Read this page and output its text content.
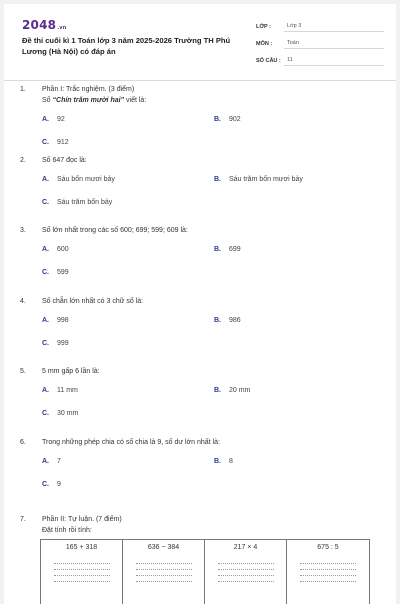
2048.vn
Đề thi cuối kì 1 Toán lớp 3 năm 2025-2026 Trường TH Phú Lương (Hà Nội) có đáp án
LỚP :	Lớp 3
MÔN :	Toán
SỐ CÂU :	11
1.	Phần I: Trắc nghiệm. (3 điểm)
Số “Chín trăm mười hai” viết là:
A.	92	B.	902
C.	912
2.	Số 647 đọc là:
A.	Sáu bốn mươi bảy	B.	Sáu trăm bốn mươi bảy
C.	Sáu trăm bốn bảy
3.	Số lớn nhất trong các số 600; 699; 599; 609 là:
A.	600	B.	699
C.	599
4.	Số chẵn lớn nhất có 3 chữ số là:
A.	998	B.	986
C.	999
5.	5 mm gấp 6 lần là:
A.	11 mm	B.	20 mm
C.	30 mm
6.	Trong những phép chia có số chia là 9, số dư lớn nhất là:
A.	7	B.	8
C.	9
7.	Phần II: Tự luận. (7 điểm)
Đặt tính rồi tính:
165 + 318	636 − 384	217 × 4	675 : 5
